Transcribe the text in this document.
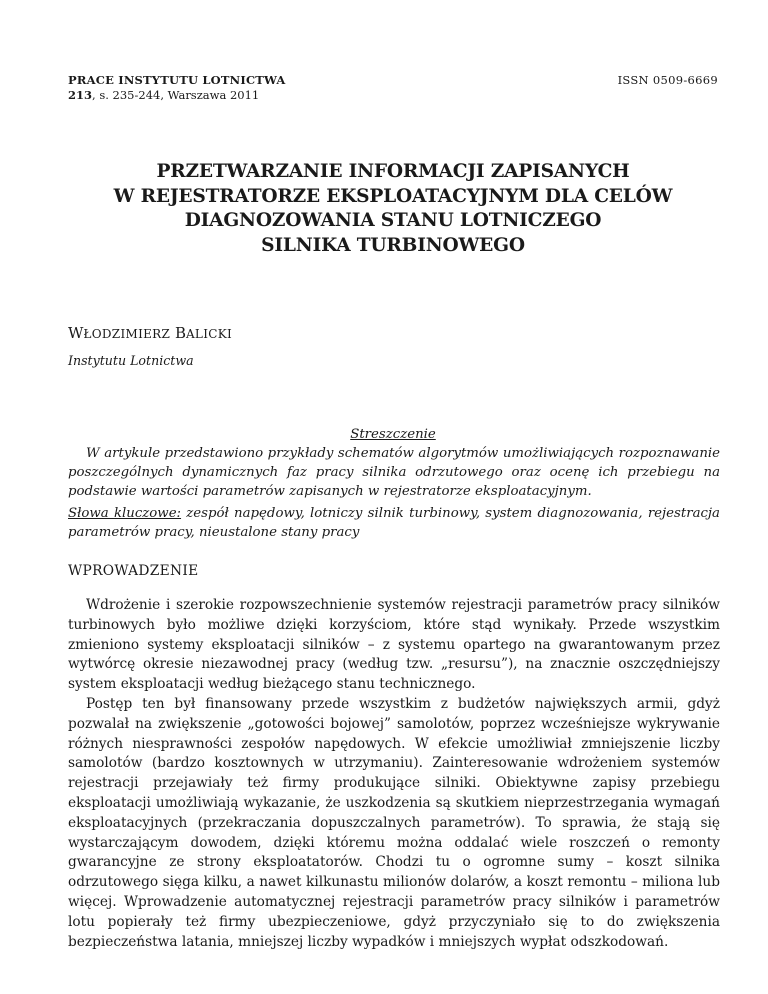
PRACE INSTYTUTU LOTNICTWA
213, s. 235-244, Warszawa 2011
ISSN 0509-6669
PRZETWARZANIE INFORMACJI ZAPISANYCH
W REJESTRATORZE EKSPLOATACYJNYM DLA CELÓW
DIAGNOZOWANIA STANU LOTNICZEGO
SILNIKA TURBINOWEGO
WŁODZIMIERZ BALICKI
Instytutu Lotnictwa
Streszczenie
W artykule przedstawiono przykłady schematów algorytmów umożliwiających rozpoznawanie poszczególnych dynamicznych faz pracy silnika odrzutowego oraz ocenę ich przebiegu na podstawie wartości parametrów zapisanych w rejestratorze eksploatacyjnym.
Słowa kluczowe: zespół napędowy, lotniczy silnik turbinowy, system diagnozowania, rejestracja parametrów pracy, nieustalone stany pracy
WPROWADZENIE

Wdrożenie i szerokie rozpowszechnienie systemów rejestracji parametrów pracy silników turbinowych było możliwe dzięki korzyściom, które stąd wynikały. Przede wszystkim zmieniono systemy eksploatacji silników – z systemu opartego na gwarantowanym przez wytwórcę okresie niezawodnej pracy (według tzw. „resursu”), na znacznie oszczędniejszy system eksploatacji według bieżącego stanu technicznego.

Postęp ten był finansowany przede wszystkim z budżetów największych armii, gdyż pozwalał na zwiększenie „gotowości bojowej” samolotów, poprzez wcześniejsze wykrywanie różnych niesprawności zespołów napędowych. W efekcie umożliwiał zmniejszenie liczby samolotów (bardzo kosztownych w utrzymaniu). Zainteresowanie wdrożeniem systemów rejestracji przejawiały też firmy produkujące silniki. Obiektywne zapisy przebiegu eksploatacji umożliwiają wykazanie, że uszkodzenia są skutkiem nieprzestrzegania wymagań eksploatacyjnych (przekraczania dopuszczalnych parametrów). To sprawia, że stają się wystarczającym dowodem, dzięki któremu można oddalać wiele roszczeń o remonty gwarancyjne ze strony eksploatatorów. Chodzi tu o ogromne sumy – koszt silnika odrzutowego sięga kilku, a nawet kilkunastu milionów dolarów, a koszt remontu – miliona lub więcej. Wprowadzenie automatycznej rejestracji parametrów pracy silników i parametrów lotu popierały też firmy ubezpieczeniowe, gdyż przyczyniało się to do zwiększenia bezpieczeństwa latania, mniejszej liczby wypadków i mniejszych wypłat odszkodowań.
